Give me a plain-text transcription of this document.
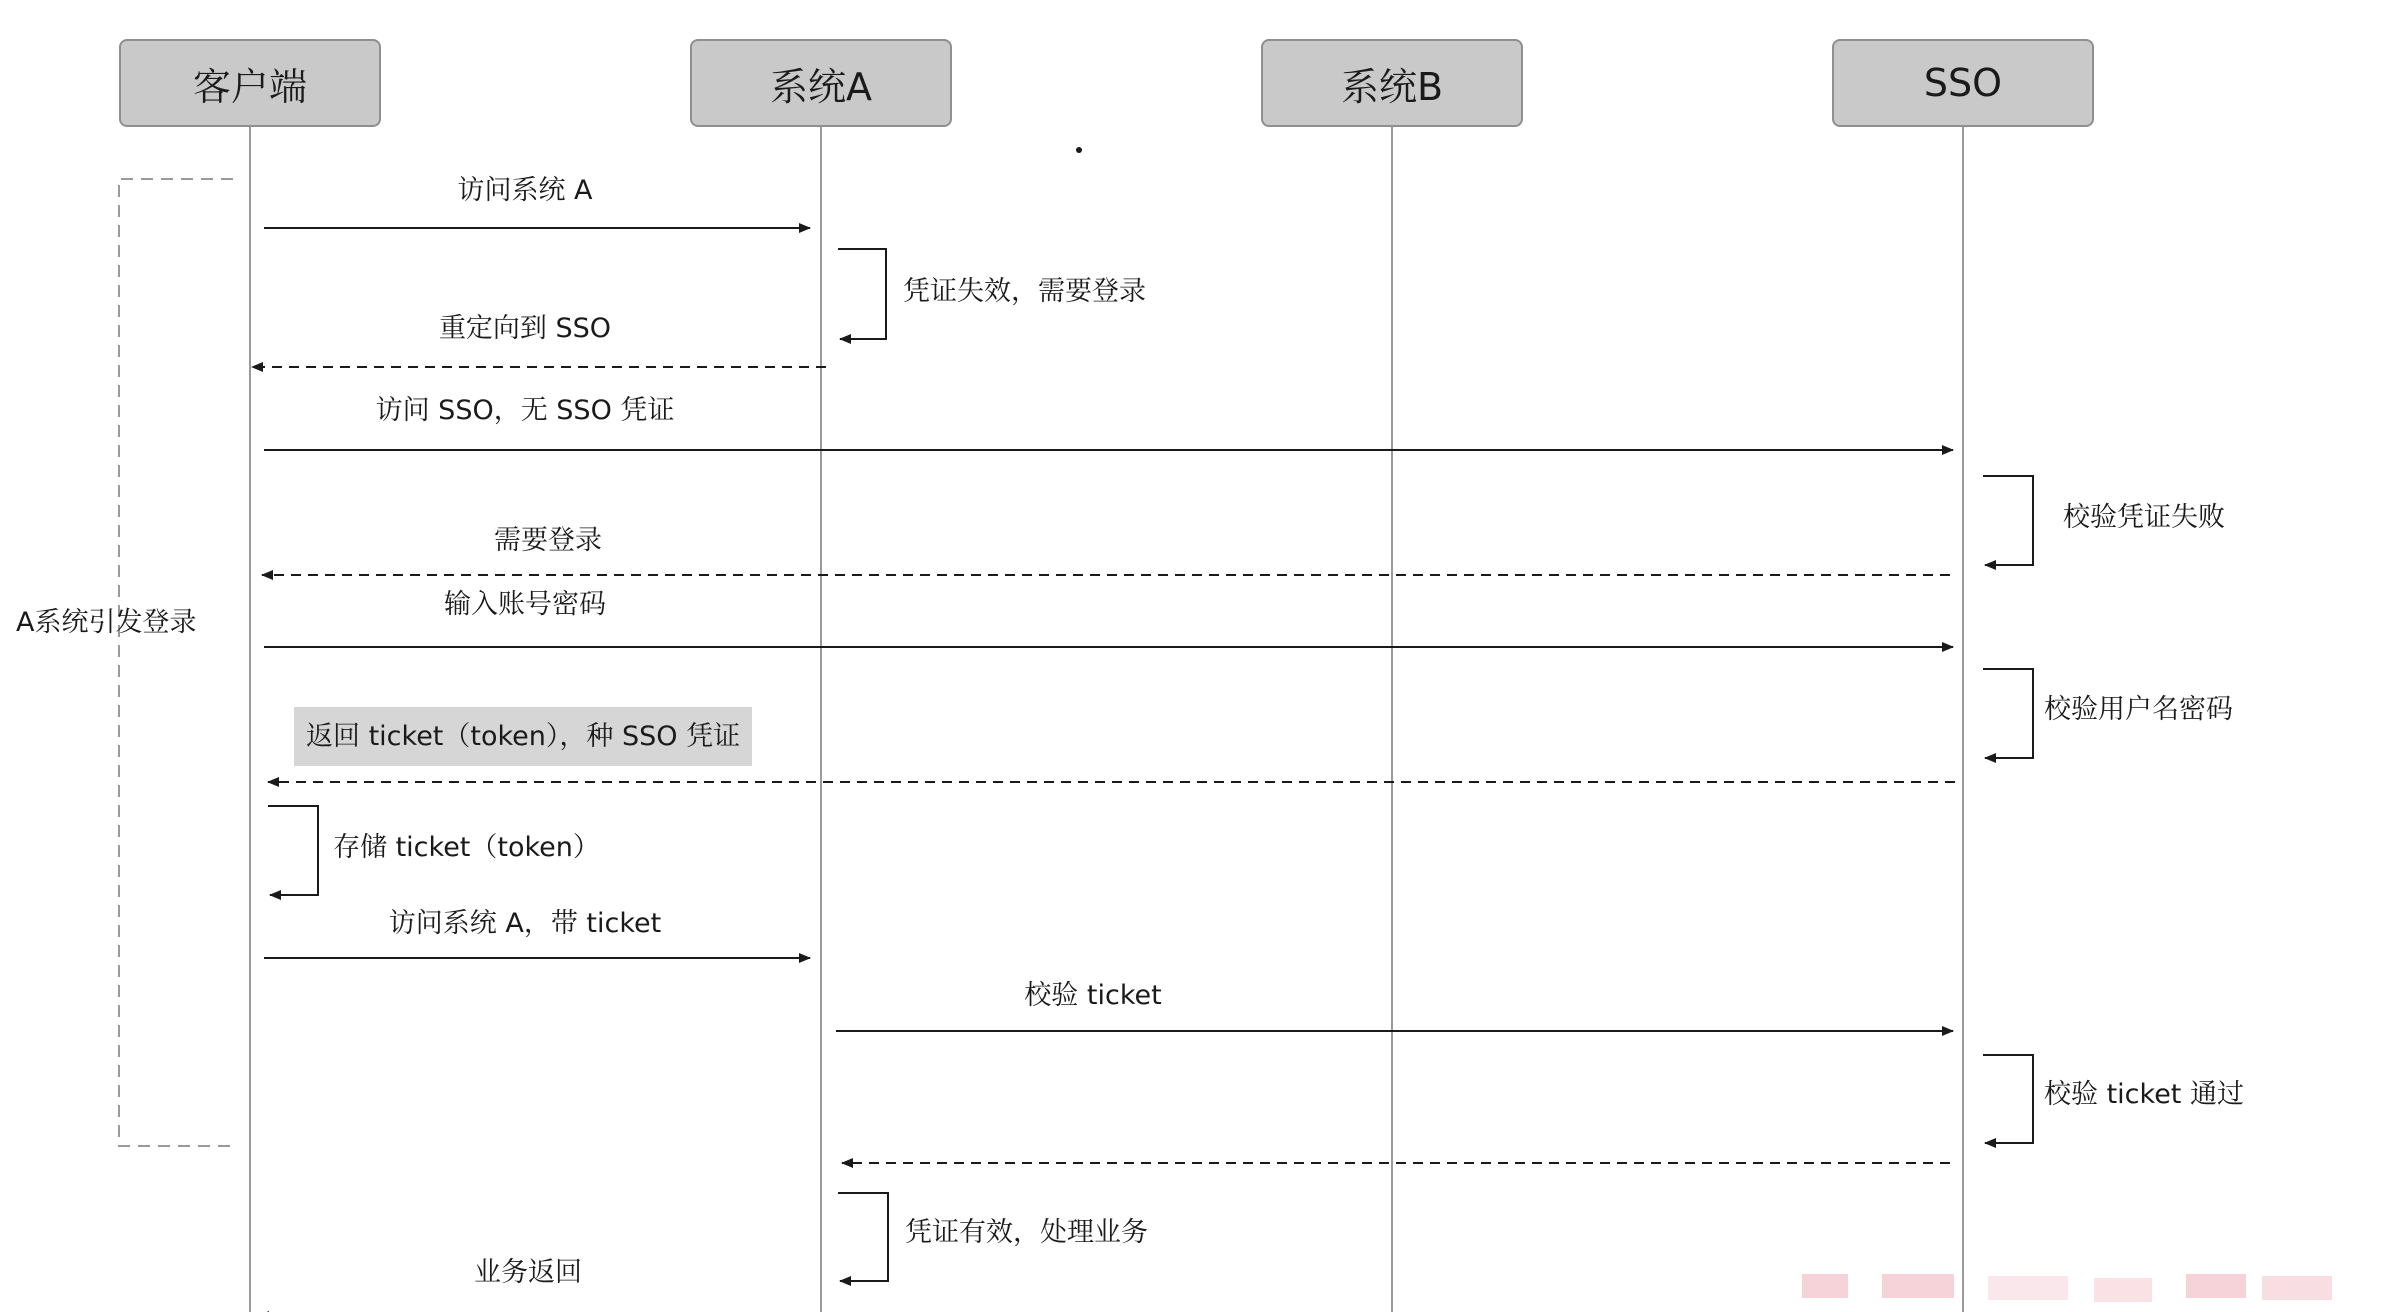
客户端	系统A	系统B	SSO
A系统引发登录
访问系统 A
重定向到 SSO
访问 SSO，无 SSO 凭证
需要登录
输入账号密码
返回 ticket（token），种 SSO 凭证
访问系统 A，带 ticket
校验 ticket
业务返回
凭证失效，需要登录
校验凭证失败
校验用户名密码
存储 ticket（token）
校验 ticket 通过
凭证有效，处理业务
